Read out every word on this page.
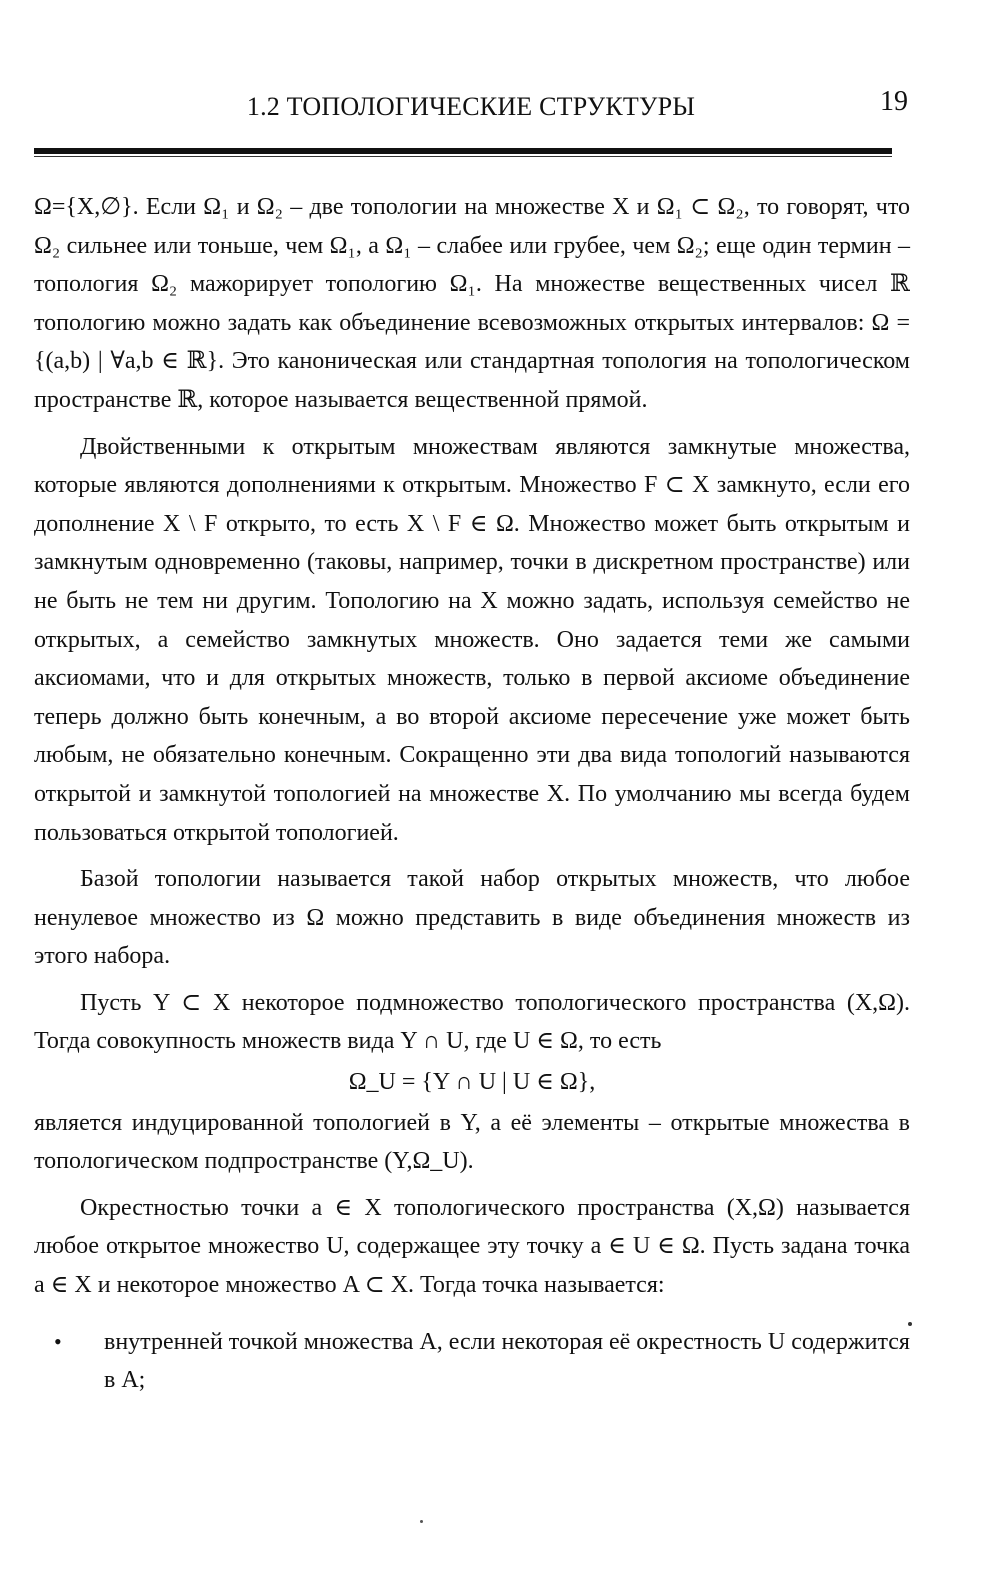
1.2 ТОПОЛОГИЧЕСКИЕ СТРУКТУРЫ	19

Ω={X,∅}. Если Ω₁ и Ω₂ – две топологии на множестве X и Ω₁ ⊂ Ω₂, то говорят, что Ω₂ сильнее или тоньше, чем Ω₁, а Ω₁ – слабее или грубее, чем Ω₂; еще один термин – топология Ω₂ мажорирует топологию Ω₁. На множестве вещественных чисел ℝ топологию можно задать как объединение всевозможных открытых интервалов: Ω = {(a,b) | ∀a,b ∈ ℝ}. Это каноническая или стандартная топология на топологическом пространстве ℝ, которое называется вещественной прямой.

Двойственными к открытым множествам являются замкнутые множества, которые являются дополнениями к открытым. Множество F ⊂ X замкнуто, если его дополнение X \ F открыто, то есть X \ F ∈ Ω. Множество может быть открытым и замкнутым одновременно (таковы, например, точки в дискретном пространстве) или не быть не тем ни другим. Топологию на X можно задать, используя семейство не открытых, а семейство замкнутых множеств. Оно задается теми же самыми аксиомами, что и для открытых множеств, только в первой аксиоме объединение теперь должно быть конечным, а во второй аксиоме пересечение уже может быть любым, не обязательно конечным. Сокращенно эти два вида топологий называются открытой и замкнутой топологией на множестве X. По умолчанию мы всегда будем пользоваться открытой топологией.

Базой топологии называется такой набор открытых множеств, что любое ненулевое множество из Ω можно представить в виде объединения множеств из этого набора.

Пусть Y ⊂ X некоторое подмножество топологического пространства (X,Ω). Тогда совокупность множеств вида Y ∩ U, где U ∈ Ω, то есть

Ω_U = {Y ∩ U | U ∈ Ω},

является индуцированной топологией в Y, а её элементы – открытые множества в топологическом подпространстве (Y,Ω_U).

Окрестностью точки a ∈ X топологического пространства (X,Ω) называется любое открытое множество U, содержащее эту точку a ∈ U ∈ Ω. Пусть задана точка a ∈ X и некоторое множество A ⊂ X. Тогда точка называется:

• внутренней точкой множества A, если некоторая её окрестность U содержится в A;
